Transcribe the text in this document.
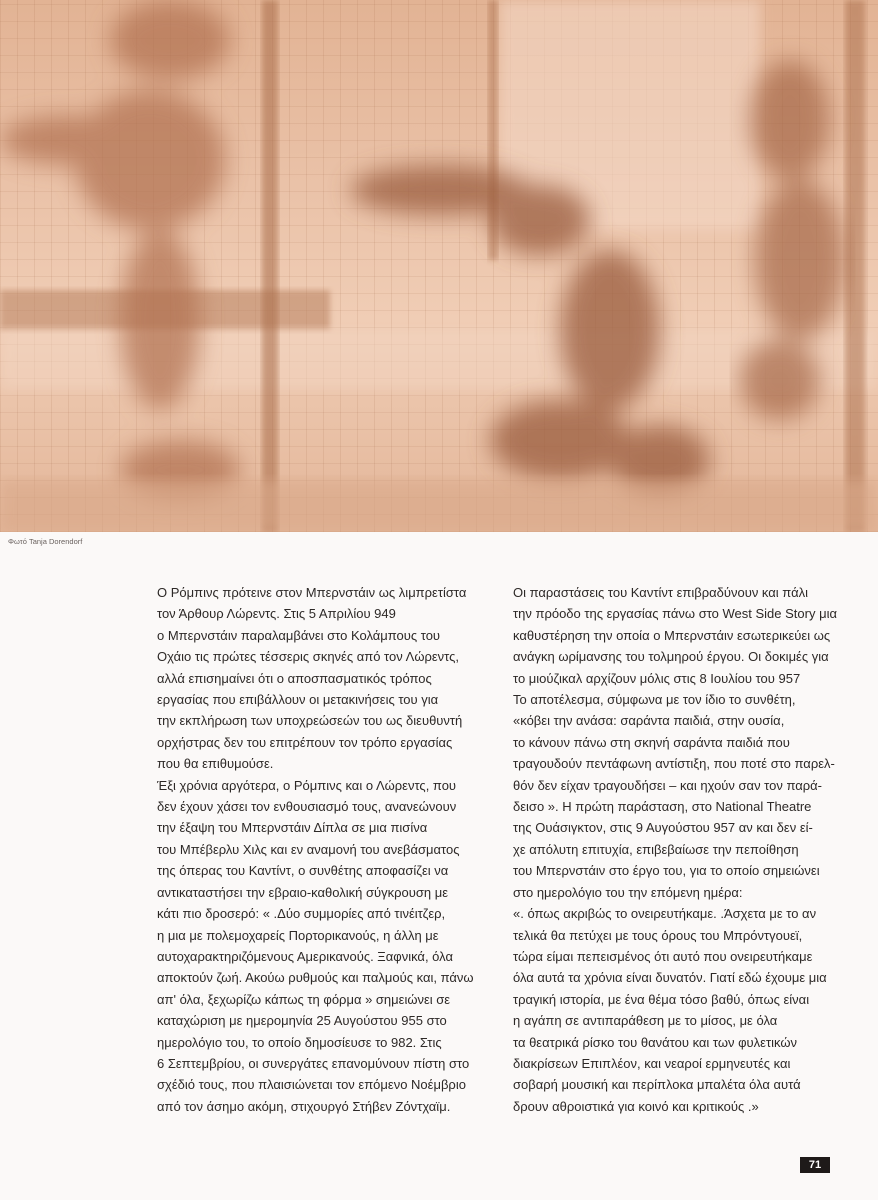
Φωτό Tanja Dorendorf
Ο Ρόμπινς πρότεινε στον Μπερνστάιν ως λιμπρετίστα
τον Άρθουρ Λώρεντς. Στις 5 Απριλίου 949
ο Μπερνστάιν παραλαμβάνει στο Κολάμπους του
Οχάιο τις πρώτες τέσσερις σκηνές από τον Λώρεντς,
αλλά επισημαίνει ότι ο αποσπασματικός τρόπος
εργασίας που επιβάλλουν οι μετακινήσεις του για
την εκπλήρωση των υποχρεώσεών του ως διευθυντή
ορχήστρας δεν του επιτρέπουν τον τρόπο εργασίας
που θα επιθυμούσε.
Έξι χρόνια αργότερα, ο Ρόμπινς και ο Λώρεντς, που
δεν έχουν χάσει τον ενθουσιασμό τους, ανανεώνουν
την έξαψη του Μπερνστάιν Δίπλα σε μια πισίνα
του Μπέβερλυ Χιλς και εν αναμονή του ανεβάσματος
της όπερας του Καντίντ, ο συνθέτης αποφασίζει να
αντικαταστήσει την εβραιο-καθολική σύγκρουση με
κάτι πιο δροσερό: « .Δύο συμμορίες από τινέιτζερ,
η μια με πολεμοχαρείς Πορτορικανούς, η άλλη με
αυτοχαρακτηριζόμενους Αμερικανούς. Ξαφνικά, όλα
αποκτούν ζωή. Ακούω ρυθμούς και παλμούς και, πάνω
απ' όλα, ξεχωρίζω κάπως τη φόρμα » σημειώνει σε
καταχώριση με ημερομηνία 25 Αυγούστου 955 στο
ημερολόγιο του, το οποίο δημοσίευσε το 982. Στις
6 Σεπτεμβρίου, οι συνεργάτες επανομύνουν πίστη στο
σχέδιό τους, που πλαισιώνεται τον επόμενο Νοέμβριο
από τον άσημο ακόμη, στιχουργό Στήβεν Ζόντχαϊμ.
Οι παραστάσεις του Καντίντ επιβραδύνουν και πάλι
την πρόοδο της εργασίας πάνω στο West Side Story μια
καθυστέρηση την οποία ο Μπερνστάιν εσωτερικεύει ως
ανάγκη ωρίμανσης του τολμηρού έργου. Οι δοκιμές για
το μιούζικαλ αρχίζουν μόλις στις 8 Ιουλίου του 957
Το αποτέλεσμα, σύμφωνα με τον ίδιο το συνθέτη,
«κόβει την ανάσα: σαράντα παιδιά, στην ουσία,
το κάνουν πάνω στη σκηνή σαράντα παιδιά που
τραγουδούν πεντάφωνη αντίστιξη, που ποτέ στο παρελ-
θόν δεν είχαν τραγουδήσει – και ηχούν σαν τον παρά-
δεισο ». Η πρώτη παράσταση, στο National Theatre
της Ουάσιγκτον, στις 9 Αυγούστου 957 αν και δεν εί-
χε απόλυτη επιτυχία, επιβεβαίωσε την πεποίθηση
του Μπερνστάιν στο έργο του, για το οποίο σημειώνει
στο ημερολόγιο του την επόμενη ημέρα:
«. όπως ακριβώς το ονειρευτήκαμε. .Άσχετα με το αν
τελικά θα πετύχει με τους όρους του Μπρόντγουεϊ,
τώρα είμαι πεπεισμένος ότι αυτό που ονειρευτήκαμε
όλα αυτά τα χρόνια είναι δυνατόν. Γιατί εδώ έχουμε μια
τραγική ιστορία, με ένα θέμα τόσο βαθύ, όπως είναι
η αγάπη σε αντιπαράθεση με το μίσος, με όλα
τα θεατρικά ρίσκο του θανάτου και των φυλετικών
διακρίσεων Επιπλέον, και νεαροί ερμηνευτές και
σοβαρή μουσική και περίπλοκα μπαλέτα όλα αυτά
δρουν αθροιστικά για κοινό και κριτικούς .»
71
